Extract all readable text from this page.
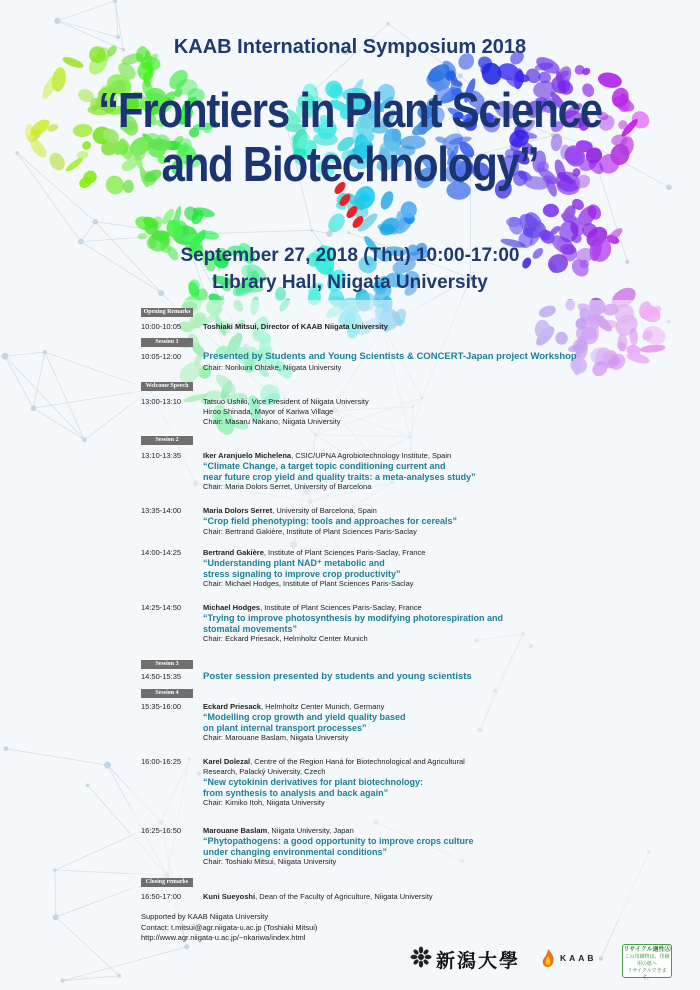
KAAB International Symposium 2018
“Frontiers in Plant Science
and Biotechnology”
September 27, 2018 (Thu) 10:00-17:00
Library Hall, Niigata University
Opening Remarks
10:00-10:05	Toshiaki Mitsui, Director of KAAB Niigata University
Session 1
10:05-12:00 Presented by Students and Young Scientists & CONCERT-Japan project Workshop
Chair: Norikuni Ohtake, Niigata University
Welcome Speech
13:00-13:10	Tatsuo Ushiki, Vice President of Niigata University
Hiroo Shinada, Mayor of Kariwa Village
Chair: Masaru Nakano, Niigata University
Session 2
13:10-13:35	Iker Aranjuelo Michelena, CSIC/UPNA Agrobiotechnology Institute, Spain
“Climate Change, a target topic conditioning current and
near future crop yield and quality traits: a meta-analyses study”
Chair: Maria Dolors Serret, University of Barcelona
13:35-14:00	Maria Dolors Serret, University of Barcelona, Spain
“Crop field phenotyping: tools and approaches for cereals”
Chair: Bertrand Gakière, Institute of Plant Sciences Paris-Saclay
14:00-14:25	Bertrand Gakière, Institute of Plant Sciences Paris-Saclay, France
“Understanding plant NAD⁺ metabolic and
stress signaling to improve crop productivity”
Chair: Michael Hodges, Institute of Plant Sciences Paris-Saclay
14:25-14:50	Michael Hodges, Institute of Plant Sciences Paris-Saclay, France
“Trying to improve photosynthesis by modifying photorespiration and
stomatal movements”
Chair: Eckard Priesack, Helmholtz Center Munich
Session 3
14:50-15:35 Poster session presented by students and young scientists
Session 4
15:35-16:00	Eckard Priesack, Helmholtz Center Munich, Germany
“Modelling crop growth and yield quality based
on plant internal transport processes”
Chair: Marouane Baslam, Niigata University
16:00-16:25	Karel Dolezal, Centre of the Region Haná for Biotechnological and Agricultural
Research, Palacký University, Czech
“New cytokinin derivatives for plant biotechnology:
from synthesis to analysis and back again”
Chair: Kimiko Itoh, Niigata University
16:25-16:50	Marouane Baslam, Niigata University, Japan
“Phytopathogens: a good opportunity to improve crops culture
under changing environmental conditions”
Chair: Toshiaki Mitsui, Niigata University
Closing remarks
16:50-17:00	Kuni Sueyoshi, Dean of the Faculty of Agriculture, Niigata University
Supported by KAAB Niigata University
Contact: t.mitsui@agr.niigata-u.ac.jp (Toshiaki Mitsui)
http://www.agr.niigata-u.ac.jp/~nkariwa/index.html
新潟大學	KAAB
リサイクル適性Ⓐ
この印刷物は、印刷用の紙へ
リサイクルできます。
